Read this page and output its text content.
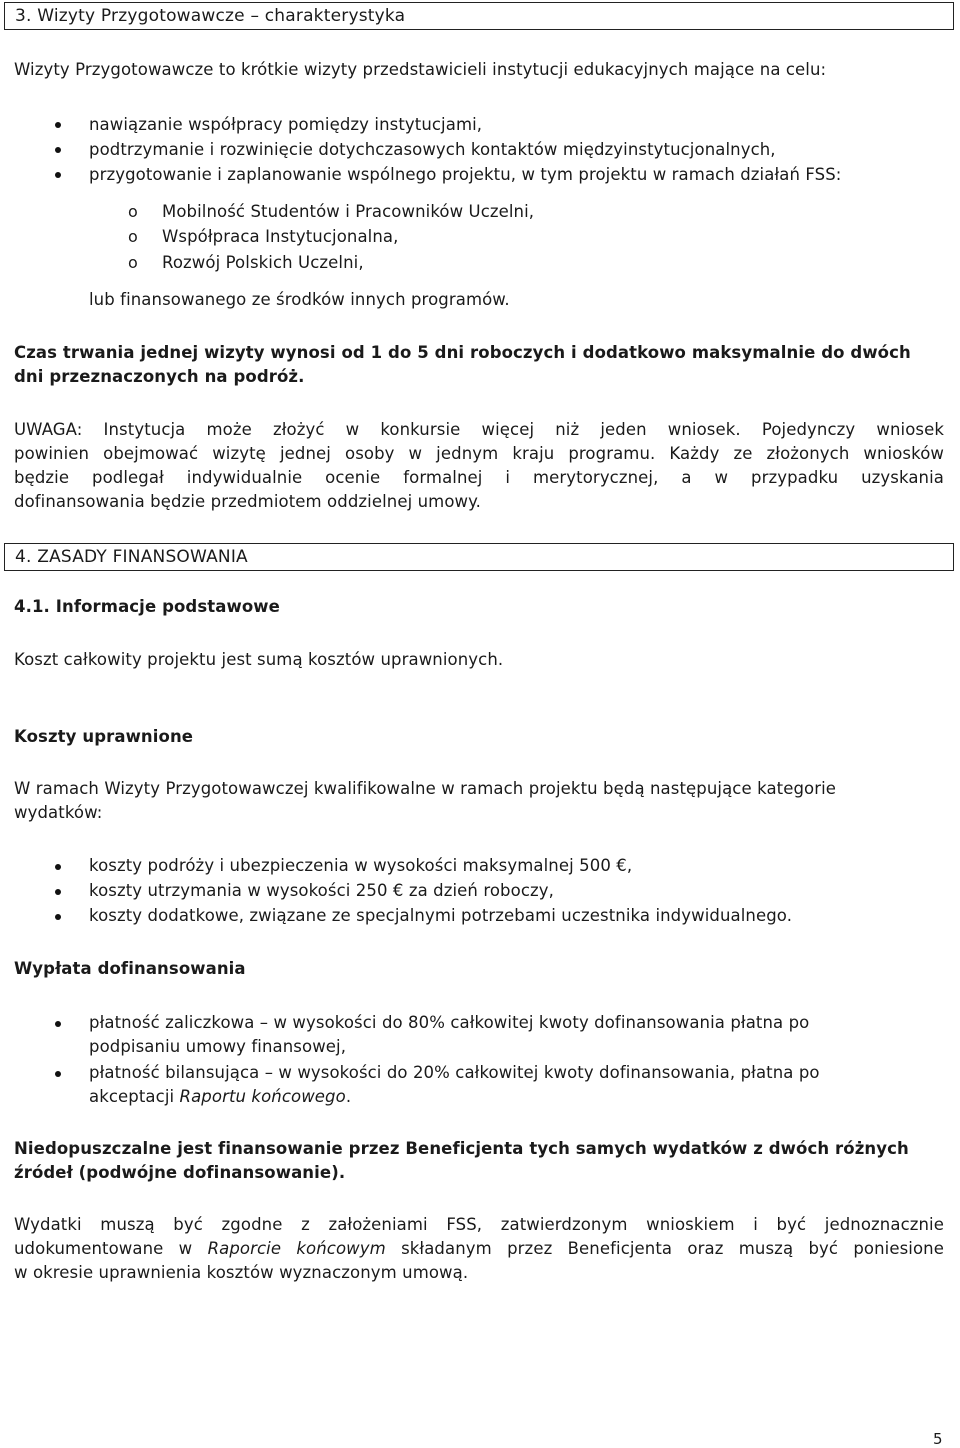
3. Wizyty Przygotowawcze – charakterystyka
Wizyty Przygotowawcze to krótkie wizyty przedstawicieli instytucji edukacyjnych mające na celu:
nawiązanie współpracy pomiędzy instytucjami,
podtrzymanie i rozwinięcie dotychczasowych kontaktów międzyinstytucjonalnych,
przygotowanie i zaplanowanie wspólnego projektu, w tym projektu w ramach działań FSS:
o Mobilność Studentów i Pracowników Uczelni,
o Współpraca Instytucjonalna,
o Rozwój Polskich Uczelni,
lub finansowanego ze środków innych programów.
Czas trwania jednej wizyty wynosi od 1 do 5 dni roboczych i dodatkowo maksymalnie do dwóch
dni przeznaczonych na podróż.
UWAGA: Instytucja może złożyć w konkursie więcej niż jeden wniosek. Pojedynczy wniosek
powinien obejmować wizytę jednej osoby w jednym kraju programu. Każdy ze złożonych wniosków
będzie podlegał indywidualnie ocenie formalnej i merytorycznej, a w przypadku uzyskania
dofinansowania będzie przedmiotem oddzielnej umowy.
4. ZASADY FINANSOWANIA
4.1. Informacje podstawowe
Koszt całkowity projektu jest sumą kosztów uprawnionych.
Koszty uprawnione
W ramach Wizyty Przygotowawczej kwalifikowalne w ramach projektu będą następujące kategorie
wydatków:
koszty podróży i ubezpieczenia w wysokości maksymalnej 500 €,
koszty utrzymania w wysokości 250 € za dzień roboczy,
koszty dodatkowe, związane ze specjalnymi potrzebami uczestnika indywidualnego.
Wypłata dofinansowania
płatność zaliczkowa – w wysokości do 80% całkowitej kwoty dofinansowania płatna po
podpisaniu umowy finansowej,
płatność bilansująca – w wysokości do 20% całkowitej kwoty dofinansowania, płatna po
akceptacji Raportu końcowego.
Niedopuszczalne jest finansowanie przez Beneficjenta tych samych wydatków z dwóch różnych
źródeł (podwójne dofinansowanie).
Wydatki muszą być zgodne z założeniami FSS, zatwierdzonym wnioskiem i być jednoznacznie
udokumentowane w Raporcie końcowym składanym przez Beneficjenta oraz muszą być poniesione
w okresie uprawnienia kosztów wyznaczonym umową.
5
